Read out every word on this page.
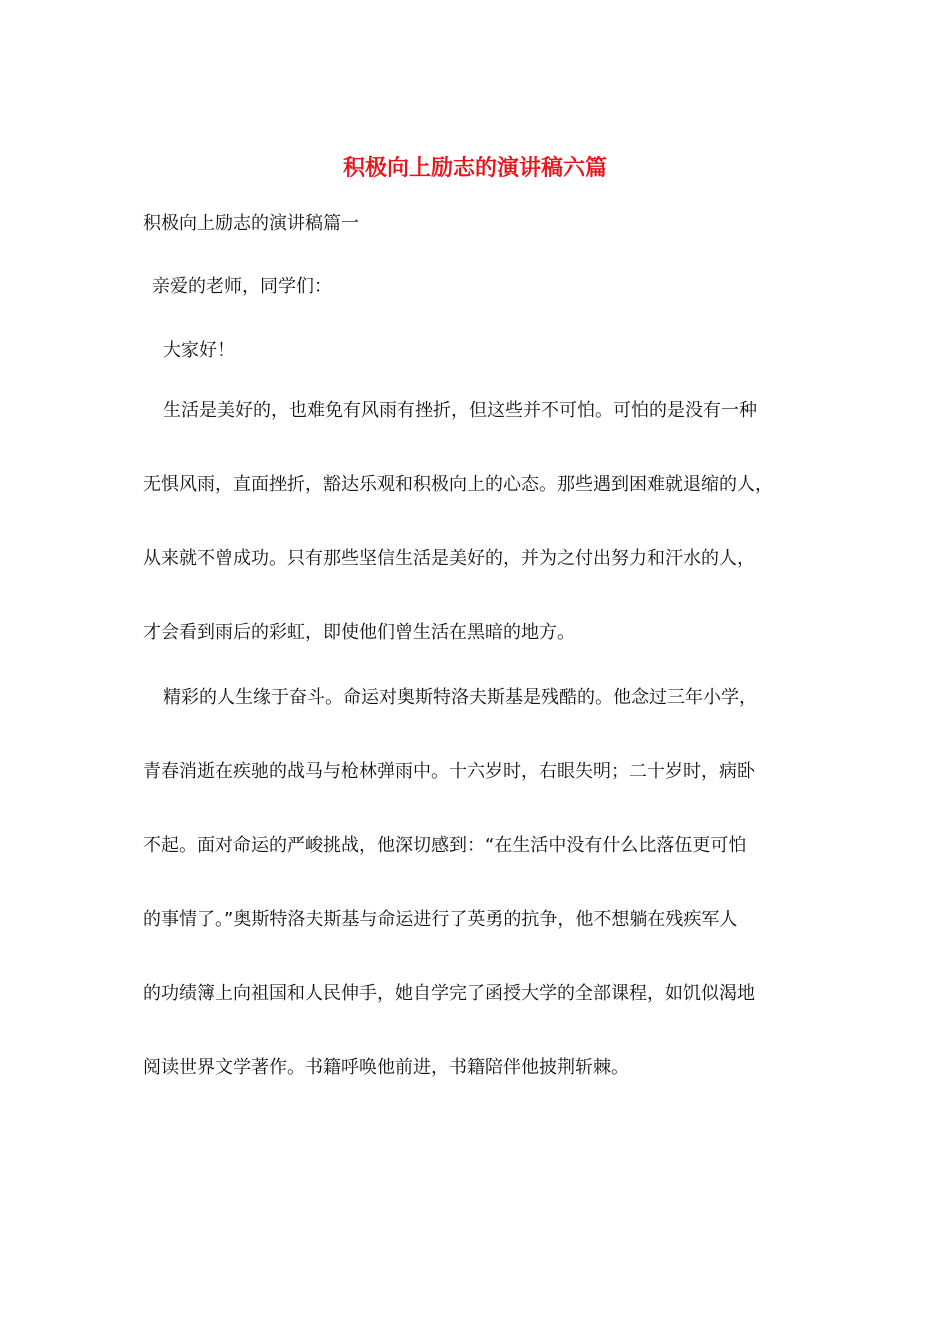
积极向上励志的演讲稿六篇

积极向上励志的演讲稿篇一

亲爱的老师，同学们：

大家好！

生活是美好的，也难免有风雨有挫折，但这些并不可怕。可怕的是没有一种

无惧风雨，直面挫折，豁达乐观和积极向上的心态。那些遇到困难就退缩的人，

从来就不曾成功。只有那些坚信生活是美好的，并为之付出努力和汗水的人，

才会看到雨后的彩虹，即使他们曾生活在黑暗的地方。

精彩的人生缘于奋斗。命运对奥斯特洛夫斯基是残酷的。他念过三年小学，

青春消逝在疾驰的战马与枪林弹雨中。十六岁时，右眼失明；二十岁时，病卧

不起。面对命运的严峻挑战，他深切感到：“在生活中没有什么比落伍更可怕

的事情了。”奥斯特洛夫斯基与命运进行了英勇的抗争，他不想躺在残疾军人

的功绩簿上向祖国和人民伸手，她自学完了函授大学的全部课程，如饥似渴地

阅读世界文学著作。书籍呼唤他前进，书籍陪伴他披荆斩棘。
